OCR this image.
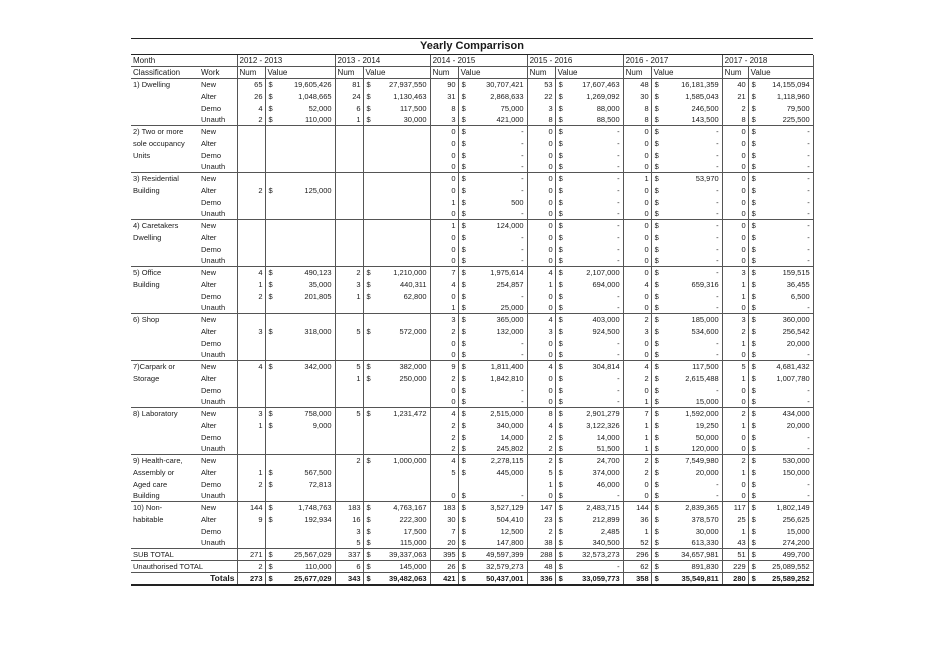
Yearly Comparrison
Month		2012 - 2013			2013 - 2014			2014 - 2015			2015 - 2016			2016 - 2017			2017 - 2018		
Classification	Work	Num	Value		Num	Value		Num	Value		Num	Value		Num	Value		Num	Value	
1) Dwelling	New	65	$	19,605,426	81	$	27,937,550	90	$	30,707,421	53	$	17,607,463	48	$	16,181,359	40	$	14,155,094
	Alter	26	$	1,048,665	24	$	1,130,463	31	$	2,868,633	22	$	1,269,092	30	$	1,585,043	21	$	1,118,960
	Demo	4	$	52,000	6	$	117,500	8	$	75,000	3	$	88,000	8	$	246,500	2	$	79,500
	Unauth	2	$	110,000	1	$	30,000	3	$	421,000	8	$	88,500	8	$	143,500	8	$	225,500
2) Two or more	New							0	$	-	0	$	-	0	$	-	0	$	-
sole occupancy	Alter							0	$	-	0	$	-	0	$	-	0	$	-
Units	Demo							0	$	-	0	$	-	0	$	-	0	$	-
	Unauth							0	$	-	0	$	-	0	$	-	0	$	-
3) Residential	New							0	$	-	0	$	-	1	$	53,970	0	$	-
Building	Alter	2	$	125,000				0	$	-	0	$	-	0	$	-	0	$	-
	Demo							1	$	500	0	$	-	0	$	-	0	$	-
	Unauth							0	$	-	0	$	-	0	$	-	0	$	-
4) Caretakers	New							1	$	124,000	0	$	-	0	$	-	0	$	-
Dwelling	Alter							0	$	-	0	$	-	0	$	-	0	$	-
	Demo							0	$	-	0	$	-	0	$	-	0	$	-
	Unauth							0	$	-	0	$	-	0	$	-	0	$	-
5) Office	New	4	$	490,123	2	$	1,210,000	7	$	1,975,614	4	$	2,107,000	0	$	-	3	$	159,515
Building	Alter	1	$	35,000	3	$	440,311	4	$	254,857	1	$	694,000	4	$	659,316	1	$	36,455
	Demo	2	$	201,805	1	$	62,800	0	$	-	0	$	-	0	$	-	1	$	6,500
	Unauth							1	$	25,000	0	$	-	0	$	-	0	$	-
6) Shop	New							3	$	365,000	4	$	403,000	2	$	185,000	3	$	360,000
	Alter	3	$	318,000	5	$	572,000	2	$	132,000	3	$	924,500	3	$	534,600	2	$	256,542
	Demo							0	$	-	0	$	-	0	$	-	1	$	20,000
	Unauth							0	$	-	0	$	-	0	$	-	0	$	-
7)Carpark or	New	4	$	342,000	5	$	382,000	9	$	1,811,400	4	$	304,814	4	$	117,500	5	$	4,681,432
Storage	Alter				1	$	250,000	2	$	1,842,810	0	$	-	2	$	2,615,488	1	$	1,007,780
	Demo							0	$	-	0	$	-	0	$	-	0	$	-
	Unauth							0	$	-	0	$	-	1	$	15,000	0	$	-
8) Laboratory	New	3	$	758,000	5	$	1,231,472	4	$	2,515,000	8	$	2,901,279	7	$	1,592,000	2	$	434,000
	Alter	1	$	9,000				2	$	340,000	4	$	3,122,326	1	$	19,250	1	$	20,000
	Demo							2	$	14,000	2	$	14,000	1	$	50,000	0	$	-
	Unauth							2	$	245,802	2	$	51,500	1	$	120,000	0	$	-
9) Health-care,	New				2	$	1,000,000	4	$	2,278,115	2	$	24,700	2	$	7,549,980	2	$	530,000
Assembly or	Alter	1	$	567,500				5	$	445,000	5	$	374,000	2	$	20,000	1	$	150,000
Aged care	Demo	2	$	72,813							1	$	46,000	0	$	-	0	$	-
Building	Unauth							0	$	-	0	$	-	0	$	-	0	$	-
10) Non-	New	144	$	1,748,763	183	$	4,763,167	183	$	3,527,129	147	$	2,483,715	144	$	2,839,365	117	$	1,802,149
habitable	Alter	9	$	192,934	16	$	222,300	30	$	504,410	23	$	212,899	36	$	378,570	25	$	256,625
	Demo				3	$	17,500	7	$	12,500	2	$	2,485	1	$	30,000	1	$	15,000
	Unauth				5	$	115,000	20	$	147,800	38	$	340,500	52	$	613,330	43	$	274,200
SUB TOTAL		271	$	25,567,029	337	$	39,337,063	395	$	49,597,399	288	$	32,573,273	296	$	34,657,981	51	$	499,700
Unauthorised TOTAL		2	$	110,000	6	$	145,000	26	$	32,579,273	48	$	-	62	$	891,830	229	$	25,089,552
Totals		273	$	25,677,029	343	$	39,482,063	421	$	50,437,001	336	$	33,059,773	358	$	35,549,811	280	$	25,589,252
